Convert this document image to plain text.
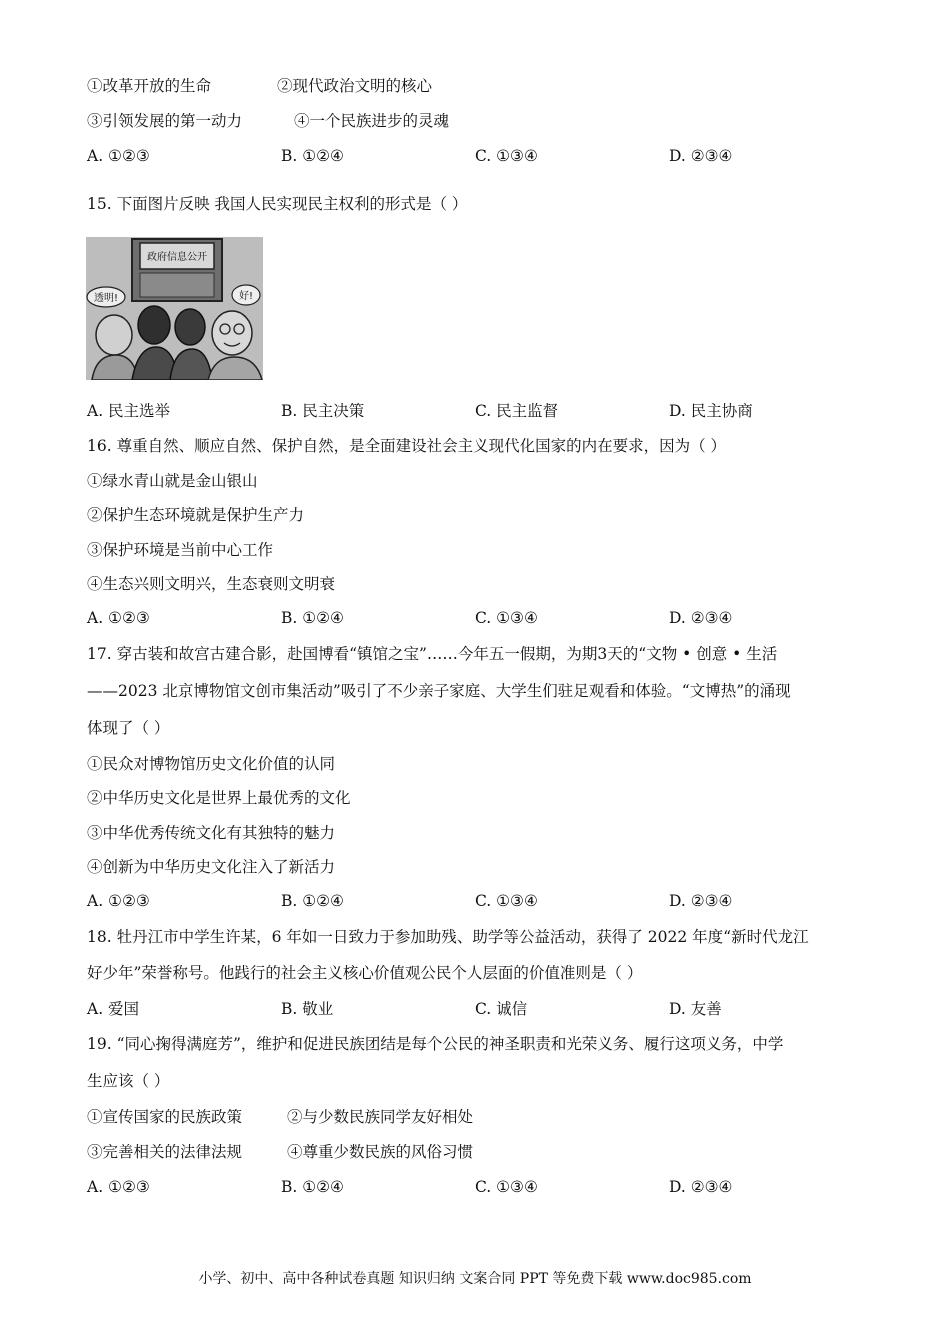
①改革开放的生命	②现代政治文明的核心
③引领发展的第一动力	④一个民族进步的灵魂
A. ①②③	B. ①②④	C. ①③④	D. ②③④
15. 下面图片反映 我国人民实现民主权利的形式是（ ）
政府信息公开
透明!	好!
A. 民主选举	B. 民主决策	C. 民主监督	D. 民主协商
16. 尊重自然、顺应自然、保护自然，是全面建设社会主义现代化国家的内在要求，因为（ ）
①绿水青山就是金山银山
②保护生态环境就是保护生产力
③保护环境是当前中心工作
④生态兴则文明兴，生态衰则文明衰
A. ①②③	B. ①②④	C. ①③④	D. ②③④
17. 穿古装和故宫古建合影，赴国博看“镇馆之宝”……今年五一假期，为期3天的“文物 • 创意 • 生活
——2023 北京博物馆文创市集活动”吸引了不少亲子家庭、大学生们驻足观看和体验。“文博热”的涌现
体现了（ ）
①民众对博物馆历史文化价值的认同
②中华历史文化是世界上最优秀的文化
③中华优秀传统文化有其独特的魅力
④创新为中华历史文化注入了新活力
A. ①②③	B. ①②④	C. ①③④	D. ②③④
18. 牡丹江市中学生许某，6 年如一日致力于参加助残、助学等公益活动，获得了 2022 年度“新时代龙江
好少年”荣誉称号。他践行的社会主义核心价值观公民个人层面的价值准则是（ ）
A. 爱国	B. 敬业	C. 诚信	D. 友善
19. “同心掬得满庭芳”，维护和促进民族团结是每个公民的神圣职责和光荣义务、履行这项义务，中学
生应该（ ）
①宣传国家的民族政策	②与少数民族同学友好相处
③完善相关的法律法规	④尊重少数民族的风俗习惯
A. ①②③	B. ①②④	C. ①③④	D. ②③④
小学、初中、高中各种试卷真题 知识归纳 文案合同 PPT 等免费下载 www.doc985.com
